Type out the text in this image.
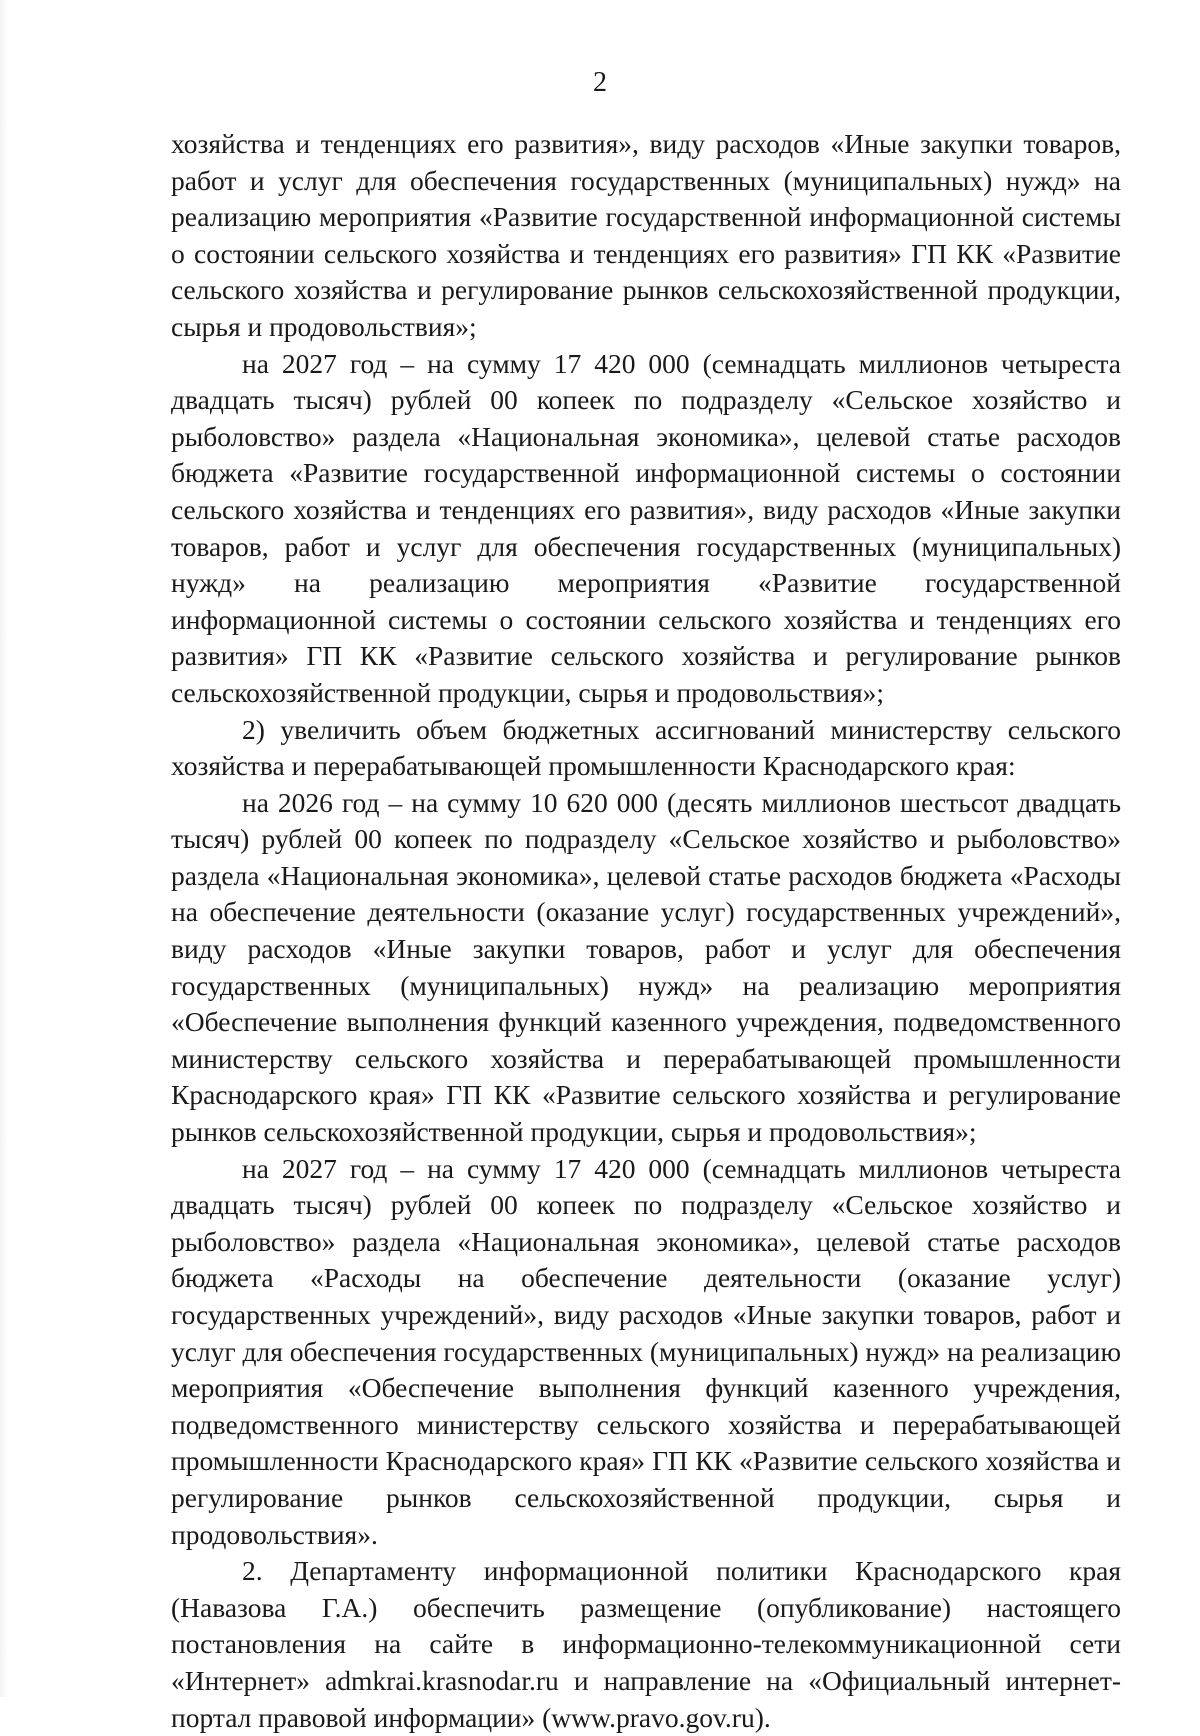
2
хозяйства и тенденциях его развития», виду расходов «Иные закупки товаров,
работ и услуг для обеспечения государственных (муниципальных) нужд» на
реализацию мероприятия «Развитие государственной информационной системы
о состоянии сельского хозяйства и тенденциях его развития» ГП КК «Развитие
сельского хозяйства и регулирование рынков сельскохозяйственной продукции,
сырья и продовольствия»;
на 2027 год – на сумму 17 420 000 (семнадцать миллионов четыреста
двадцать тысяч) рублей 00 копеек по подразделу «Сельское хозяйство и
рыболовство» раздела «Национальная экономика», целевой статье расходов
бюджета «Развитие государственной информационной системы о состоянии
сельского хозяйства и тенденциях его развития», виду расходов «Иные закупки
товаров, работ и услуг для обеспечения государственных (муниципальных)
нужд» на реализацию мероприятия «Развитие государственной
информационной системы о состоянии сельского хозяйства и тенденциях его
развития» ГП КК «Развитие сельского хозяйства и регулирование рынков
сельскохозяйственной продукции, сырья и продовольствия»;
2) увеличить объем бюджетных ассигнований министерству сельского
хозяйства и перерабатывающей промышленности Краснодарского края:
на 2026 год – на сумму 10 620 000 (десять миллионов шестьсот двадцать
тысяч) рублей 00 копеек по подразделу «Сельское хозяйство и рыболовство»
раздела «Национальная экономика», целевой статье расходов бюджета «Расходы
на обеспечение деятельности (оказание услуг) государственных учреждений»,
виду расходов «Иные закупки товаров, работ и услуг для обеспечения
государственных (муниципальных) нужд» на реализацию мероприятия
«Обеспечение выполнения функций казенного учреждения, подведомственного
министерству сельского хозяйства и перерабатывающей промышленности
Краснодарского края» ГП КК «Развитие сельского хозяйства и регулирование
рынков сельскохозяйственной продукции, сырья и продовольствия»;
на 2027 год – на сумму 17 420 000 (семнадцать миллионов четыреста
двадцать тысяч) рублей 00 копеек по подразделу «Сельское хозяйство и
рыболовство» раздела «Национальная экономика», целевой статье расходов
бюджета «Расходы на обеспечение деятельности (оказание услуг)
государственных учреждений», виду расходов «Иные закупки товаров, работ и
услуг для обеспечения государственных (муниципальных) нужд» на реализацию
мероприятия «Обеспечение выполнения функций казенного учреждения,
подведомственного министерству сельского хозяйства и перерабатывающей
промышленности Краснодарского края» ГП КК «Развитие сельского хозяйства и
регулирование рынков сельскохозяйственной продукции, сырья и
продовольствия».
2. Департаменту информационной политики Краснодарского края
(Навазова Г.А.) обеспечить размещение (опубликование) настоящего
постановления на сайте в информационно-телекоммуникационной сети
«Интернет» admkrai.krasnodar.ru и направление на «Официальный интернет-
портал правовой информации» (www.pravo.gov.ru).
